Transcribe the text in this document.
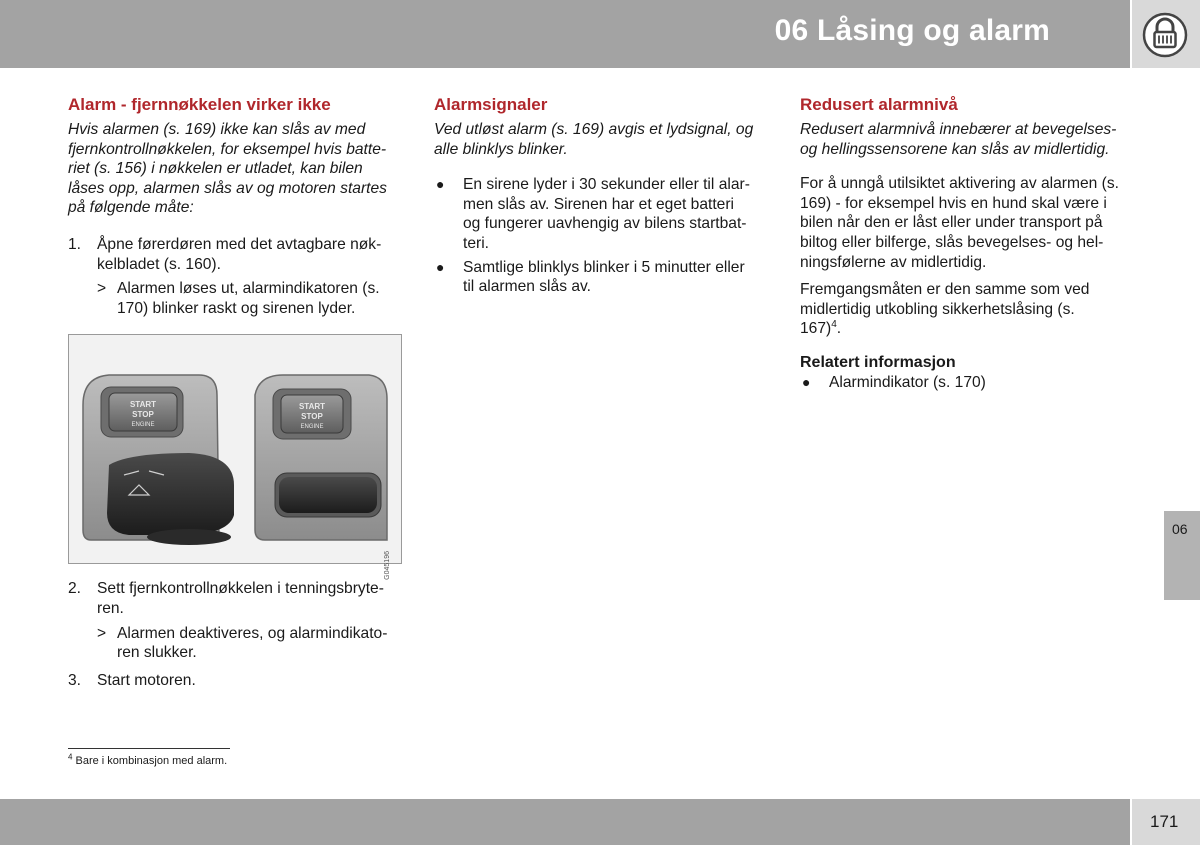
06 Låsing og alarm
Alarm - fjernnøkkelen virker ikke

Hvis alarmen (s. 169) ikke kan slås av med
fjernkontrollnøkkelen, for eksempel hvis batte-
riet (s. 156) i nøkkelen er utladet, kan bilen
låses opp, alarmen slås av og motoren startes
på følgende måte:

1. Åpne førerdøren med det avtagbare nøk-
kelbladet (s. 160).
> Alarmen løses ut, alarmindikatoren (s.
170) blinker raskt og sirenen lyder.
START
STOP
ENGINE
START
STOP
ENGINE
G045196
2. Sett fjernkontrollnøkkelen i tenningsbryte-
ren.
> Alarmen deaktiveres, og alarmindikato-
ren slukker.
3. Start motoren.
Alarmsignaler

Ved utløst alarm (s. 169) avgis et lydsignal, og
alle blinklys blinker.

● En sirene lyder i 30 sekunder eller til alar-
men slås av. Sirenen har et eget batteri
og fungerer uavhengig av bilens startbat-
teri.
● Samtlige blinklys blinker i 5 minutter eller
til alarmen slås av.
Redusert alarmnivå

Redusert alarmnivå innebærer at bevegelses-
og hellingssensorene kan slås av midlertidig.

For å unngå utilsiktet aktivering av alarmen (s.
169) - for eksempel hvis en hund skal være i
bilen når den er låst eller under transport på
biltog eller bilferge, slås bevegelses- og hel-
ningsfølerne av midlertidig.

Fremgangsmåten er den samme som ved
midlertidig utkobling sikkerhetslåsing (s.
167)$^4$.

Relatert informasjon
● Alarmindikator (s. 170)
$^4$ Bare i kombinasjon med alarm.
06
171
